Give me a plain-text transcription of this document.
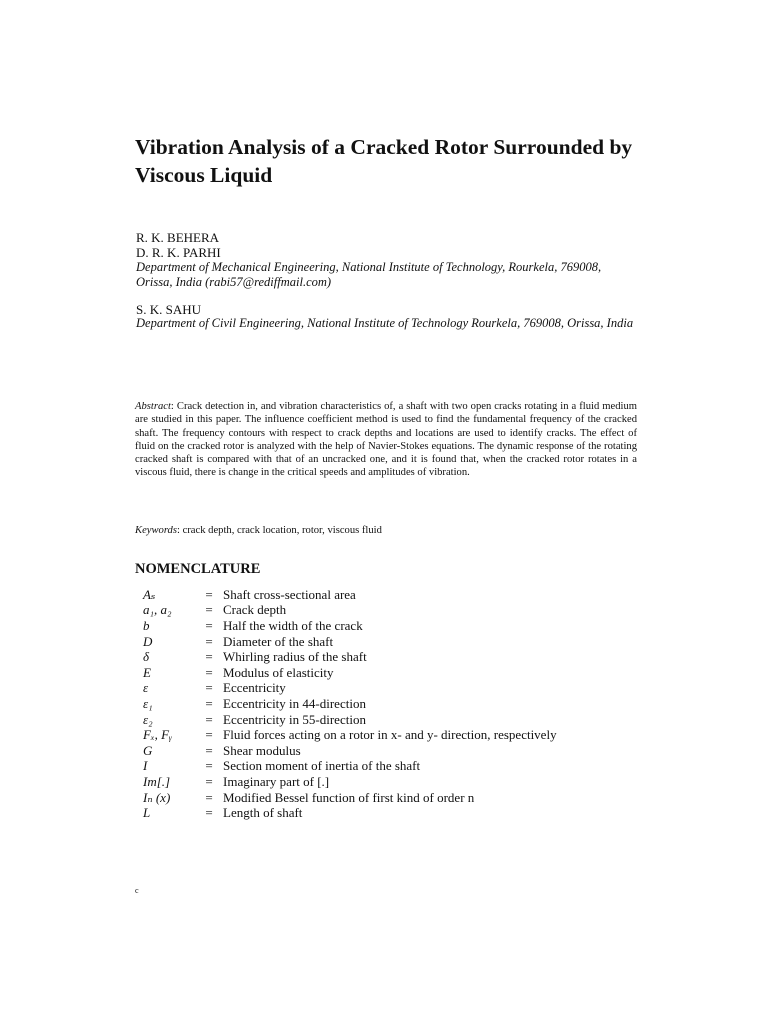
Vibration Analysis of a Cracked Rotor Surrounded by Viscous Liquid
R. K. BEHERA
D. R. K. PARHI
Department of Mechanical Engineering, National Institute of Technology, Rourkela, 769008, Orissa, India (rabi57@rediffmail.com)
S. K. SAHU
Department of Civil Engineering, National Institute of Technology Rourkela, 769008, Orissa, India
Abstract: Crack detection in, and vibration characteristics of, a shaft with two open cracks rotating in a fluid medium are studied in this paper. The influence coefficient method is used to find the fundamental frequency of the cracked shaft. The frequency contours with respect to crack depths and locations are used to identify cracks. The effect of fluid on the cracked rotor is analyzed with the help of Navier-Stokes equations. The dynamic response of the rotating cracked shaft is compared with that of an uncracked one, and it is found that, when the cracked rotor rotates in a viscous fluid, there is change in the critical speeds and amplitudes of vibration.
Keywords: crack depth, crack location, rotor, viscous fluid
NOMENCLATURE
Aₛ	= Shaft cross-sectional area
a₁, a₂	= Crack depth
b	= Half the width of the crack
D	= Diameter of the shaft
δ	= Whirling radius of the shaft
E	= Modulus of elasticity
ε	= Eccentricity
ε₁	= Eccentricity in 44-direction
ε₂	= Eccentricity in 55-direction
Fₓ, Fᵧ	= Fluid forces acting on a rotor in x- and y- direction, respectively
G	= Shear modulus
I	= Section moment of inertia of the shaft
Im[.]	= Imaginary part of [.]
Iₙ (x)	= Modified Bessel function of first kind of order n
L	= Length of shaft
c
